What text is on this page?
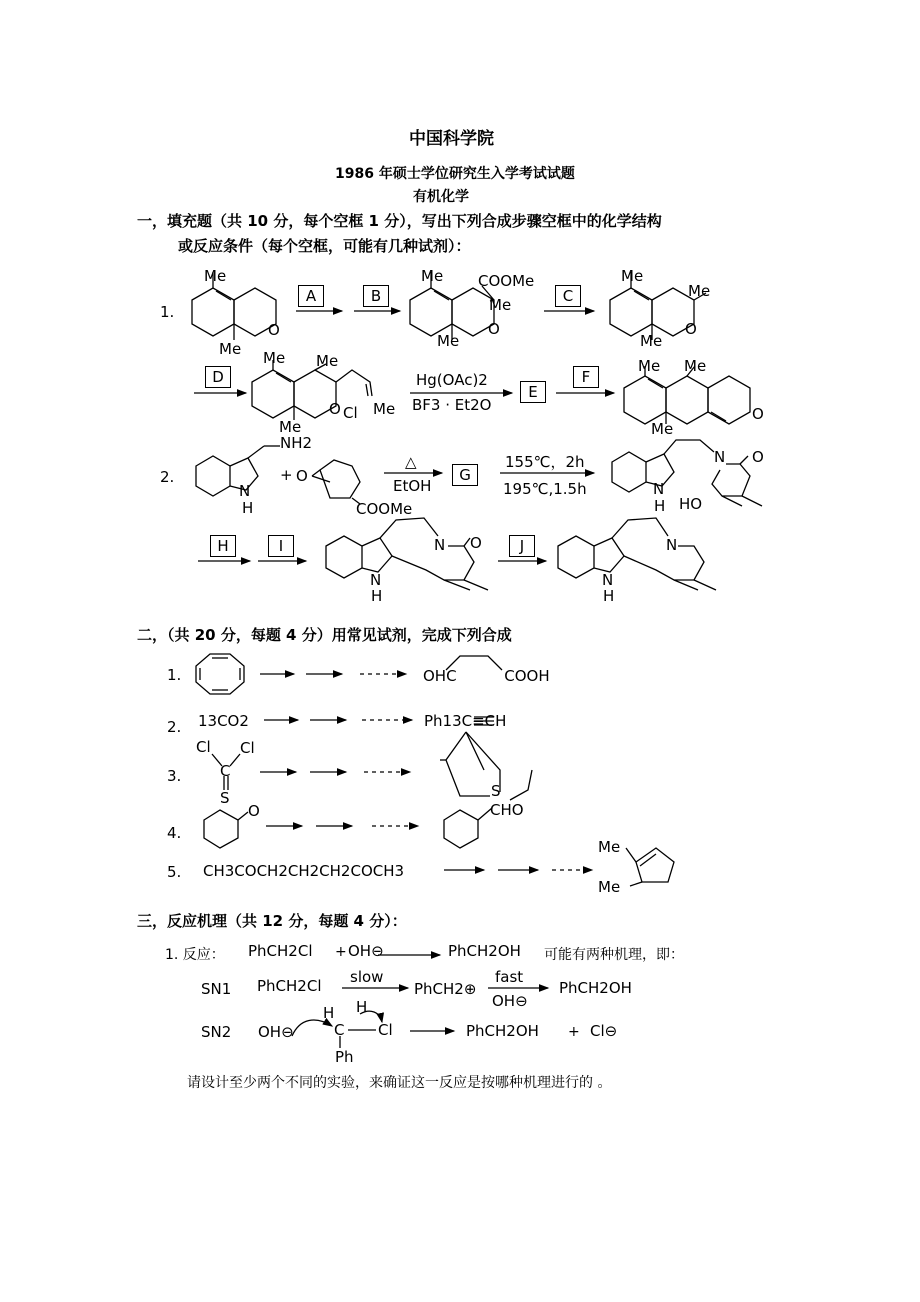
中国科学院
1986 年硕士学位研究生入学考试试题
有机化学
一，填充题（共 10 分，每个空框 1 分），写出下列合成步骤空框中的化学结构
或反应条件（每个空框，可能有几种试剂）：
1.
2.
A	B	C
D
E
F
G
H	I	J
Me
Me
O
Me COOMe
Me
Me
O
Me
Me
Me
O
Me Me
Me
O Cl Me
Hg(OAc)2
BF3 · Et2O
Me Me
Me
O
NH2
N
H
+ O
COOMe
△
EtOH
155℃，2h
195℃,1.5h
N O
N
H HO
N O
N
H
N
N
H
二，（共 20 分，每题 4 分）用常见试剂，完成下列合成
1.	OHC          COOH
2. 13CO2	Ph13C≡CH
3.
Cl Cl
C
S	S
4.
O	CHO
5. CH3COCH2CH2CH2COCH3
Me
Me
三，反应机理（共 12 分，每题 4 分）：
1. 反应： PhCH2Cl + OH⊖	PhCH2OH 可能有两种机理，即：
SN1 PhCH2Cl slow
PhCH2⊕
fast
OH⊖
PhCH2OH
SN2 OH⊖
H H
C Cl
Ph
PhCH2OH + Cl⊖
请设计至少两个不同的实验，来确证这一反应是按哪种机理进行的 。
